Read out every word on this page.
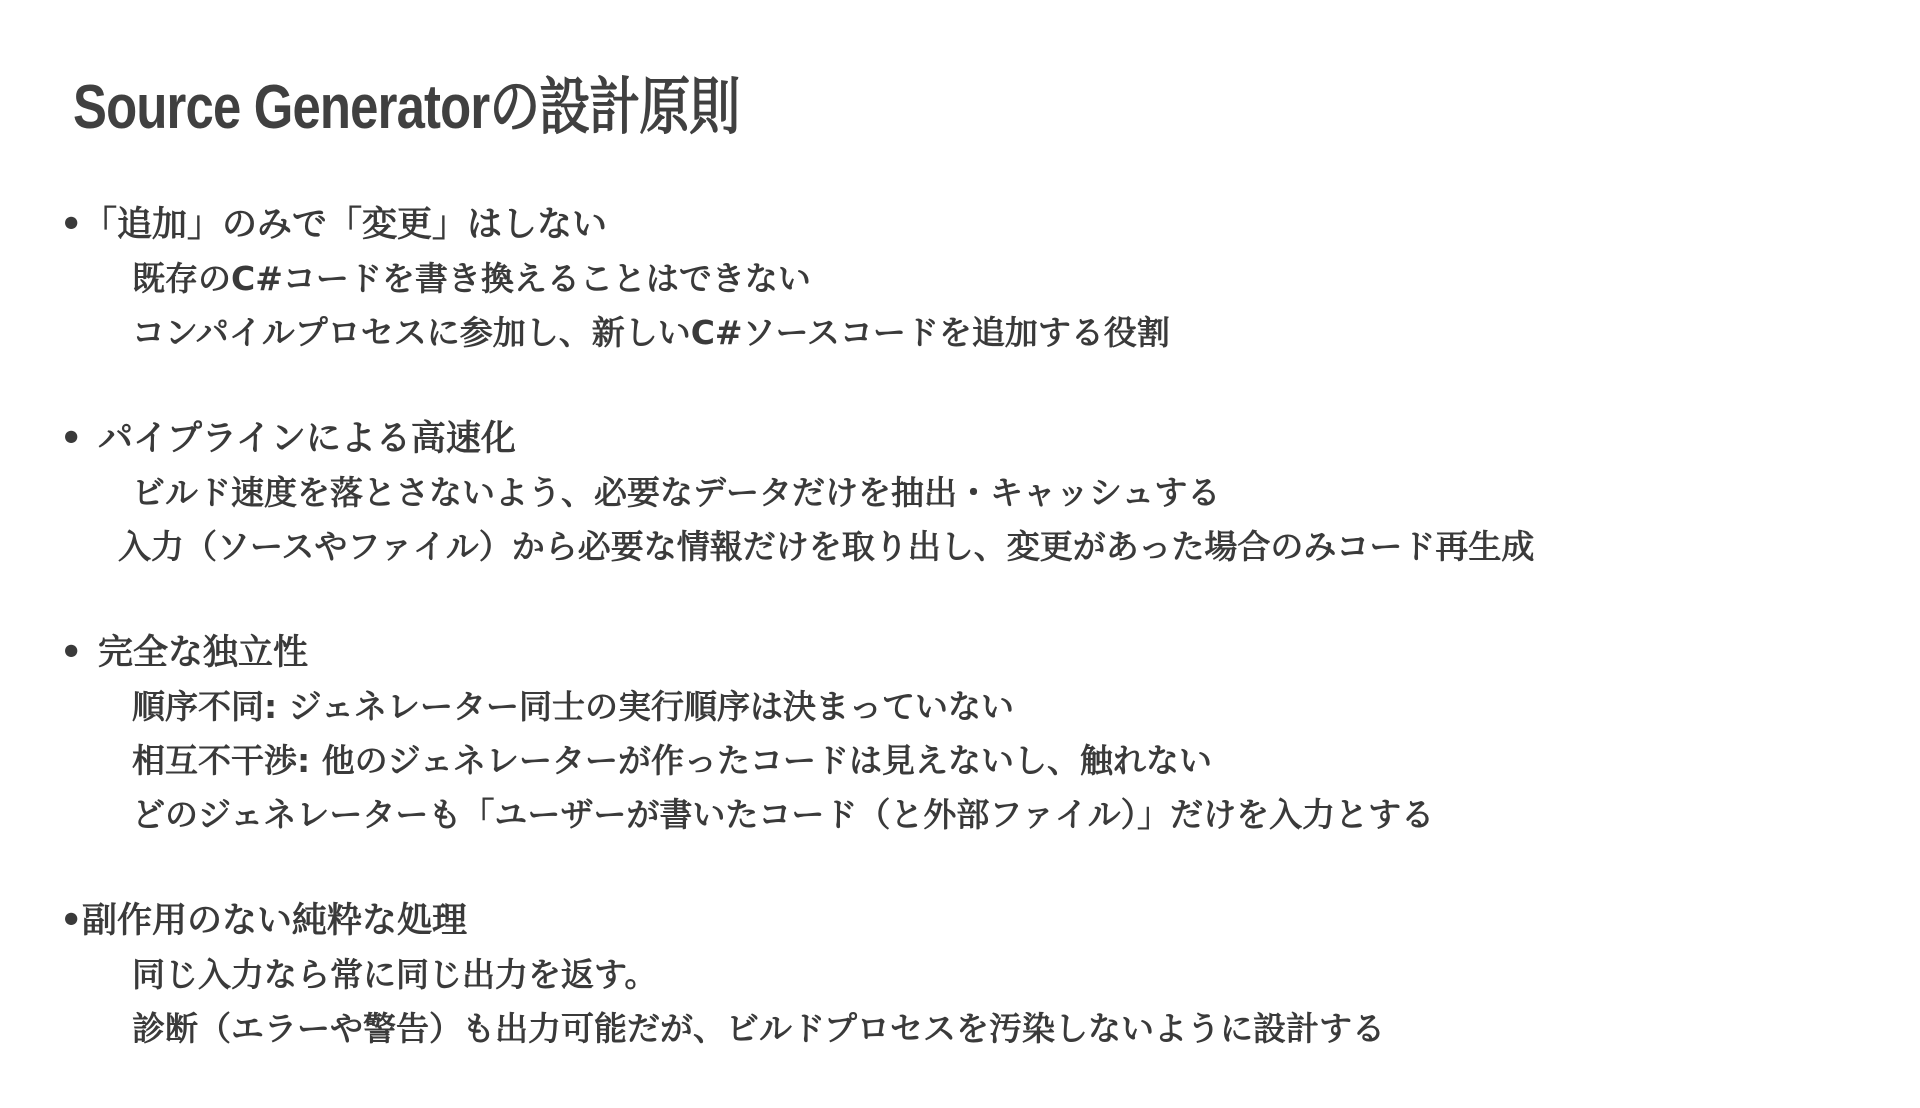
Source Generatorの設計原則
• 「追加」のみで「変更」はしない
既存のC#コードを書き換えることはできない
コンパイルプロセスに参加し、新しいC#ソースコードを追加する役割
• パイプラインによる高速化
ビルド速度を落とさないよう、必要なデータだけを抽出・キャッシュする
入力（ソースやファイル）から必要な情報だけを取り出し、変更があった場合のみコード再生成
• 完全な独立性
順序不同: ジェネレーター同士の実行順序は決まっていない
相互不干渉: 他のジェネレーターが作ったコードは見えないし、触れない
どのジェネレーターも「ユーザーが書いたコード（と外部ファイル）」だけを入力とする
• 副作用のない純粋な処理
同じ入力なら常に同じ出力を返す。
診断（エラーや警告）も出力可能だが、ビルドプロセスを汚染しないように設計する
